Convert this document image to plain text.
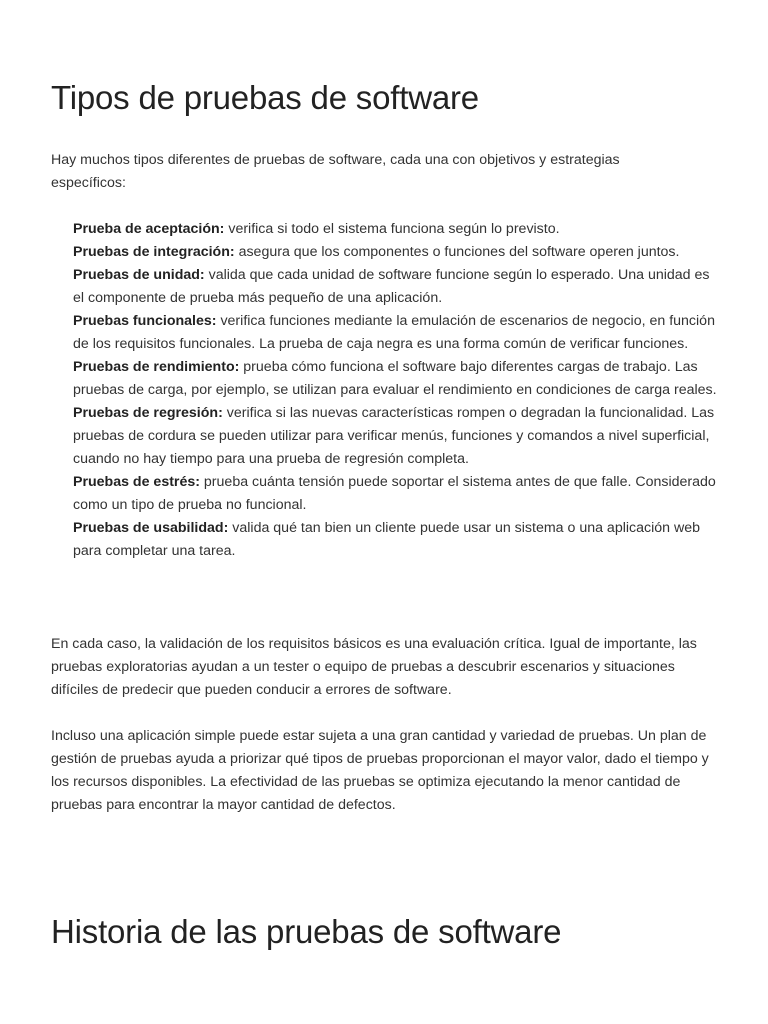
Tipos de pruebas de software

Hay muchos tipos diferentes de pruebas de software, cada una con objetivos y estrategias específicos:

Prueba de aceptación: verifica si todo el sistema funciona según lo previsto.
Pruebas de integración: asegura que los componentes o funciones del software operen juntos.
Pruebas de unidad: valida que cada unidad de software funcione según lo esperado. Una unidad es el componente de prueba más pequeño de una aplicación.
Pruebas funcionales: verifica funciones mediante la emulación de escenarios de negocio, en función de los requisitos funcionales. La prueba de caja negra es una forma común de verificar funciones.
Pruebas de rendimiento: prueba cómo funciona el software bajo diferentes cargas de trabajo. Las pruebas de carga, por ejemplo, se utilizan para evaluar el rendimiento en condiciones de carga reales.
Pruebas de regresión: verifica si las nuevas características rompen o degradan la funcionalidad. Las pruebas de cordura se pueden utilizar para verificar menús, funciones y comandos a nivel superficial, cuando no hay tiempo para una prueba de regresión completa.
Pruebas de estrés: prueba cuánta tensión puede soportar el sistema antes de que falle. Considerado como un tipo de prueba no funcional.
Pruebas de usabilidad: valida qué tan bien un cliente puede usar un sistema o una aplicación web para completar una tarea.

En cada caso, la validación de los requisitos básicos es una evaluación crítica. Igual de importante, las pruebas exploratorias ayudan a un tester o equipo de pruebas a descubrir escenarios y situaciones difíciles de predecir que pueden conducir a errores de software.

Incluso una aplicación simple puede estar sujeta a una gran cantidad y variedad de pruebas. Un plan de gestión de pruebas ayuda a priorizar qué tipos de pruebas proporcionan el mayor valor, dado el tiempo y los recursos disponibles. La efectividad de las pruebas se optimiza ejecutando la menor cantidad de pruebas para encontrar la mayor cantidad de defectos.

Historia de las pruebas de software
